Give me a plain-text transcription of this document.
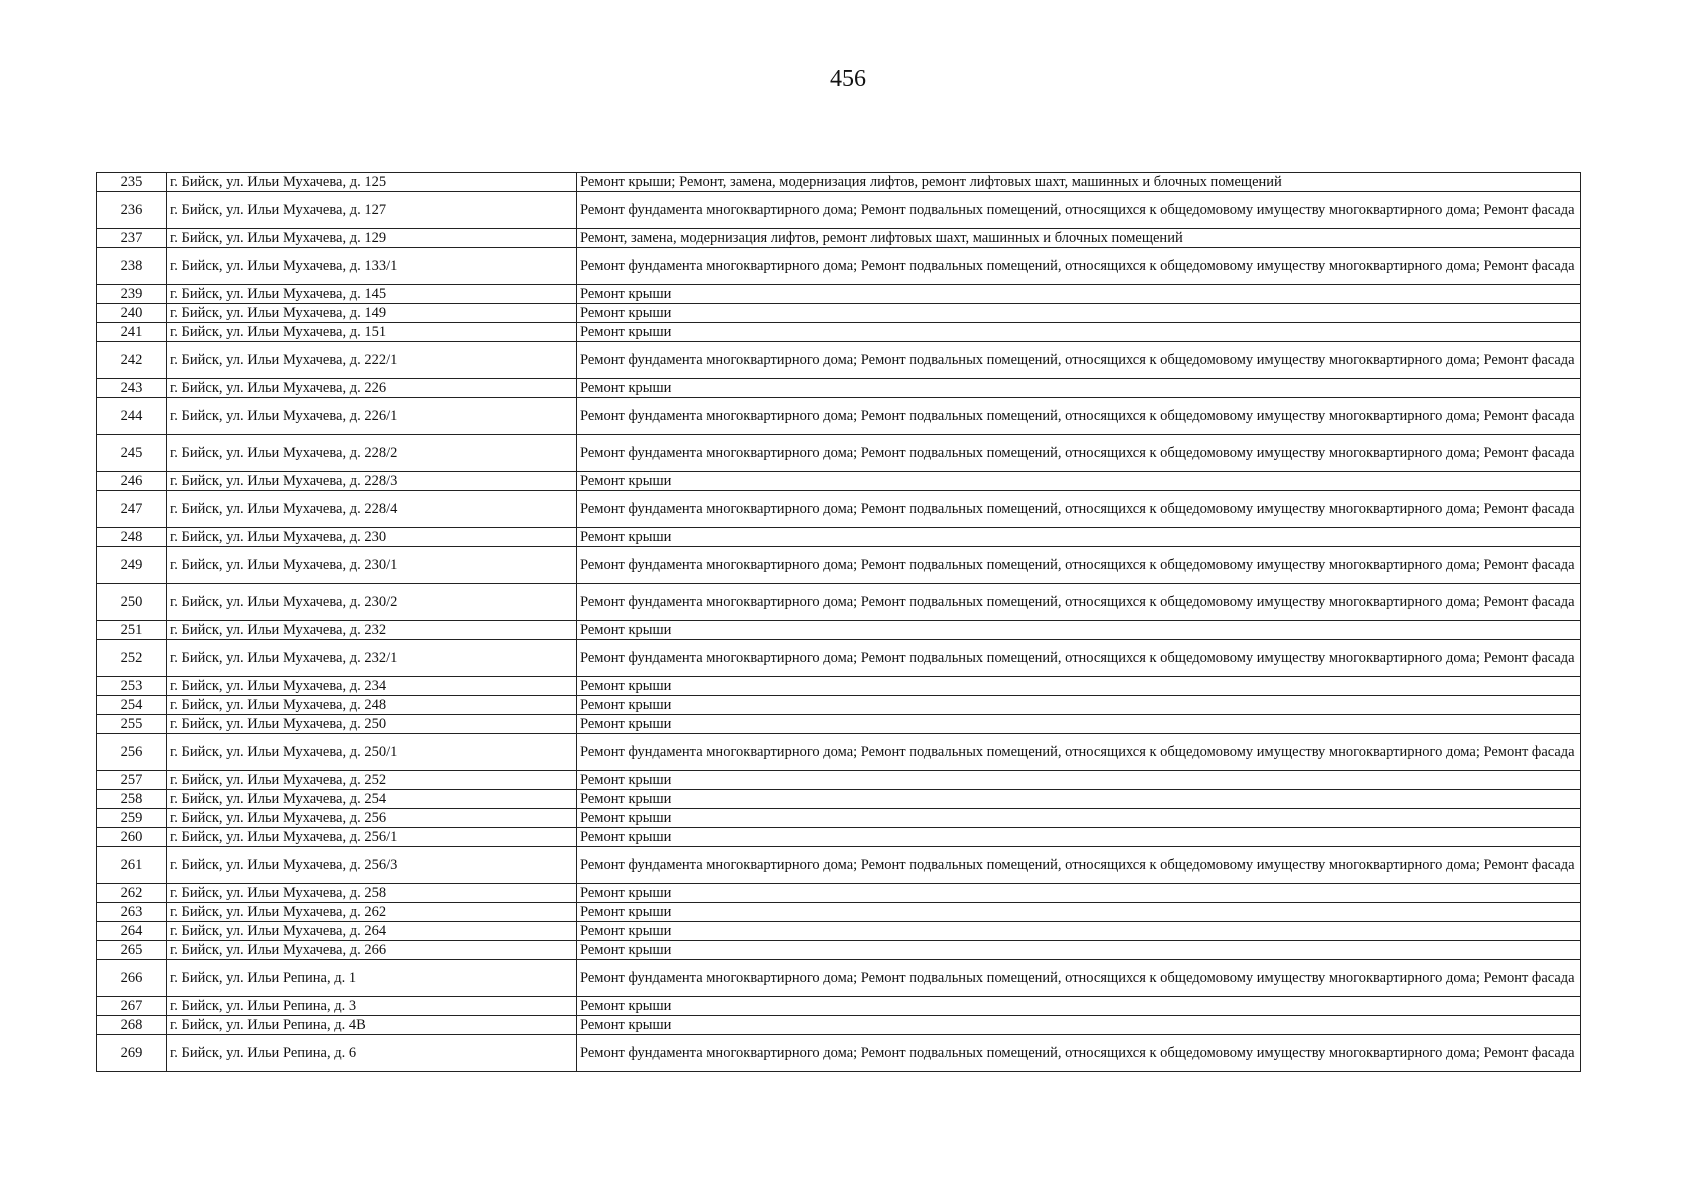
456
235	г. Бийск, ул. Ильи Мухачева, д. 125	Ремонт крыши; Ремонт, замена, модернизация лифтов, ремонт лифтовых шахт, машинных и блочных помещений
236	г. Бийск, ул. Ильи Мухачева, д. 127	Ремонт фундамента многоквартирного дома; Ремонт подвальных помещений, относящихся к общедомовому имуществу многоквартирного дома; Ремонт фасада
237	г. Бийск, ул. Ильи Мухачева, д. 129	Ремонт, замена, модернизация лифтов, ремонт лифтовых шахт, машинных и блочных помещений
238	г. Бийск, ул. Ильи Мухачева, д. 133/1	Ремонт фундамента многоквартирного дома; Ремонт подвальных помещений, относящихся к общедомовому имуществу многоквартирного дома; Ремонт фасада
239	г. Бийск, ул. Ильи Мухачева, д. 145	Ремонт крыши
240	г. Бийск, ул. Ильи Мухачева, д. 149	Ремонт крыши
241	г. Бийск, ул. Ильи Мухачева, д. 151	Ремонт крыши
242	г. Бийск, ул. Ильи Мухачева, д. 222/1	Ремонт фундамента многоквартирного дома; Ремонт подвальных помещений, относящихся к общедомовому имуществу многоквартирного дома; Ремонт фасада
243	г. Бийск, ул. Ильи Мухачева, д. 226	Ремонт крыши
244	г. Бийск, ул. Ильи Мухачева, д. 226/1	Ремонт фундамента многоквартирного дома; Ремонт подвальных помещений, относящихся к общедомовому имуществу многоквартирного дома; Ремонт фасада
245	г. Бийск, ул. Ильи Мухачева, д. 228/2	Ремонт фундамента многоквартирного дома; Ремонт подвальных помещений, относящихся к общедомовому имуществу многоквартирного дома; Ремонт фасада
246	г. Бийск, ул. Ильи Мухачева, д. 228/3	Ремонт крыши
247	г. Бийск, ул. Ильи Мухачева, д. 228/4	Ремонт фундамента многоквартирного дома; Ремонт подвальных помещений, относящихся к общедомовому имуществу многоквартирного дома; Ремонт фасада
248	г. Бийск, ул. Ильи Мухачева, д. 230	Ремонт крыши
249	г. Бийск, ул. Ильи Мухачева, д. 230/1	Ремонт фундамента многоквартирного дома; Ремонт подвальных помещений, относящихся к общедомовому имуществу многоквартирного дома; Ремонт фасада
250	г. Бийск, ул. Ильи Мухачева, д. 230/2	Ремонт фундамента многоквартирного дома; Ремонт подвальных помещений, относящихся к общедомовому имуществу многоквартирного дома; Ремонт фасада
251	г. Бийск, ул. Ильи Мухачева, д. 232	Ремонт крыши
252	г. Бийск, ул. Ильи Мухачева, д. 232/1	Ремонт фундамента многоквартирного дома; Ремонт подвальных помещений, относящихся к общедомовому имуществу многоквартирного дома; Ремонт фасада
253	г. Бийск, ул. Ильи Мухачева, д. 234	Ремонт крыши
254	г. Бийск, ул. Ильи Мухачева, д. 248	Ремонт крыши
255	г. Бийск, ул. Ильи Мухачева, д. 250	Ремонт крыши
256	г. Бийск, ул. Ильи Мухачева, д. 250/1	Ремонт фундамента многоквартирного дома; Ремонт подвальных помещений, относящихся к общедомовому имуществу многоквартирного дома; Ремонт фасада
257	г. Бийск, ул. Ильи Мухачева, д. 252	Ремонт крыши
258	г. Бийск, ул. Ильи Мухачева, д. 254	Ремонт крыши
259	г. Бийск, ул. Ильи Мухачева, д. 256	Ремонт крыши
260	г. Бийск, ул. Ильи Мухачева, д. 256/1	Ремонт крыши
261	г. Бийск, ул. Ильи Мухачева, д. 256/3	Ремонт фундамента многоквартирного дома; Ремонт подвальных помещений, относящихся к общедомовому имуществу многоквартирного дома; Ремонт фасада
262	г. Бийск, ул. Ильи Мухачева, д. 258	Ремонт крыши
263	г. Бийск, ул. Ильи Мухачева, д. 262	Ремонт крыши
264	г. Бийск, ул. Ильи Мухачева, д. 264	Ремонт крыши
265	г. Бийск, ул. Ильи Мухачева, д. 266	Ремонт крыши
266	г. Бийск, ул. Ильи Репина, д. 1	Ремонт фундамента многоквартирного дома; Ремонт подвальных помещений, относящихся к общедомовому имуществу многоквартирного дома; Ремонт фасада
267	г. Бийск, ул. Ильи Репина, д. 3	Ремонт крыши
268	г. Бийск, ул. Ильи Репина, д. 4В	Ремонт крыши
269	г. Бийск, ул. Ильи Репина, д. 6	Ремонт фундамента многоквартирного дома; Ремонт подвальных помещений, относящихся к общедомовому имуществу многоквартирного дома; Ремонт фасада
